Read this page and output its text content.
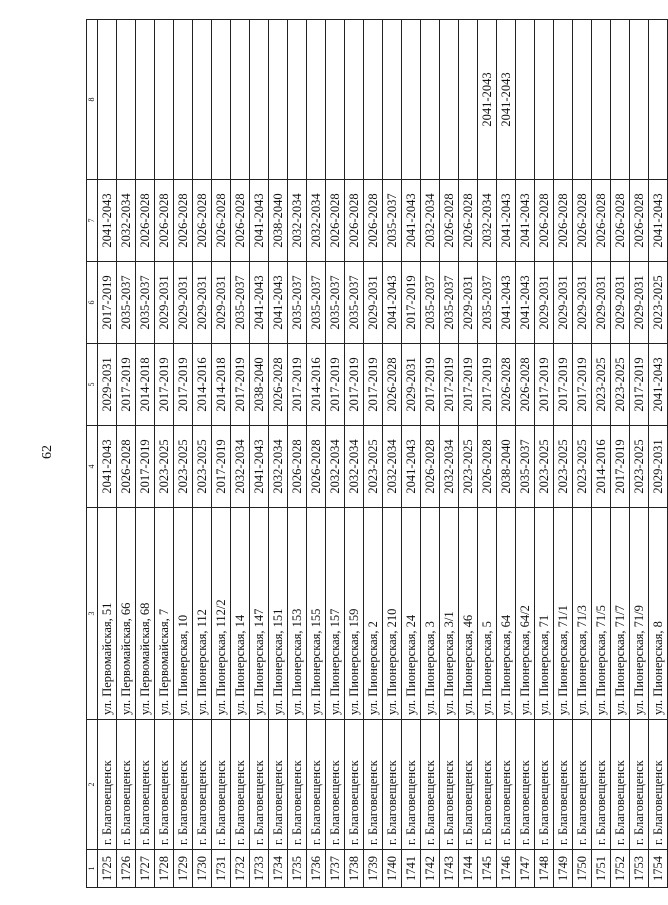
62
1	2	3	4	5	6	7	8
1725	г. Благовещенск	ул. Первомайская, 51	2041-2043	2029-2031	2017-2019	2041-2043	
1726	г. Благовещенск	ул. Первомайская, 66	2026-2028	2017-2019	2035-2037	2032-2034	
1727	г. Благовещенск	ул. Первомайская, 68	2017-2019	2014-2018	2035-2037	2026-2028	
1728	г. Благовещенск	ул. Первомайская, 7	2023-2025	2017-2019	2029-2031	2026-2028	
1729	г. Благовещенск	ул. Пионерская, 10	2023-2025	2017-2019	2029-2031	2026-2028	
1730	г. Благовещенск	ул. Пионерская, 112	2023-2025	2014-2016	2029-2031	2026-2028	
1731	г. Благовещенск	ул. Пионерская, 112/2	2017-2019	2014-2018	2029-2031	2026-2028	
1732	г. Благовещенск	ул. Пионерская, 14	2032-2034	2017-2019	2035-2037	2026-2028	
1733	г. Благовещенск	ул. Пионерская, 147	2041-2043	2038-2040	2041-2043	2041-2043	
1734	г. Благовещенск	ул. Пионерская, 151	2032-2034	2026-2028	2041-2043	2038-2040	
1735	г. Благовещенск	ул. Пионерская, 153	2026-2028	2017-2019	2035-2037	2032-2034	
1736	г. Благовещенск	ул. Пионерская, 155	2026-2028	2014-2016	2035-2037	2032-2034	
1737	г. Благовещенск	ул. Пионерская, 157	2032-2034	2017-2019	2035-2037	2026-2028	
1738	г. Благовещенск	ул. Пионерская, 159	2032-2034	2017-2019	2035-2037	2026-2028	
1739	г. Благовещенск	ул. Пионерская, 2	2023-2025	2017-2019	2029-2031	2026-2028	
1740	г. Благовещенск	ул. Пионерская, 210	2032-2034	2026-2028	2041-2043	2035-2037	
1741	г. Благовещенск	ул. Пионерская, 24	2041-2043	2029-2031	2017-2019	2041-2043	
1742	г. Благовещенск	ул. Пионерская, 3	2026-2028	2017-2019	2035-2037	2032-2034	
1743	г. Благовещенск	ул. Пионерская, 3/1	2032-2034	2017-2019	2035-2037	2026-2028	
1744	г. Благовещенск	ул. Пионерская, 46	2023-2025	2017-2019	2029-2031	2026-2028	
1745	г. Благовещенск	ул. Пионерская, 5	2026-2028	2017-2019	2035-2037	2032-2034	2041-2043
1746	г. Благовещенск	ул. Пионерская, 64	2038-2040	2026-2028	2041-2043	2041-2043	2041-2043
1747	г. Благовещенск	ул. Пионерская, 64/2	2035-2037	2026-2028	2041-2043	2041-2043	
1748	г. Благовещенск	ул. Пионерская, 71	2023-2025	2017-2019	2029-2031	2026-2028	
1749	г. Благовещенск	ул. Пионерская, 71/1	2023-2025	2017-2019	2029-2031	2026-2028	
1750	г. Благовещенск	ул. Пионерская, 71/3	2023-2025	2017-2019	2029-2031	2026-2028	
1751	г. Благовещенск	ул. Пионерская, 71/5	2014-2016	2023-2025	2029-2031	2026-2028	
1752	г. Благовещенск	ул. Пионерская, 71/7	2017-2019	2023-2025	2029-2031	2026-2028	
1753	г. Благовещенск	ул. Пионерская, 71/9	2023-2025	2017-2019	2029-2031	2026-2028	
1754	г. Благовещенск	ул. Пионерская, 8	2029-2031	2041-2043	2023-2025	2041-2043	
